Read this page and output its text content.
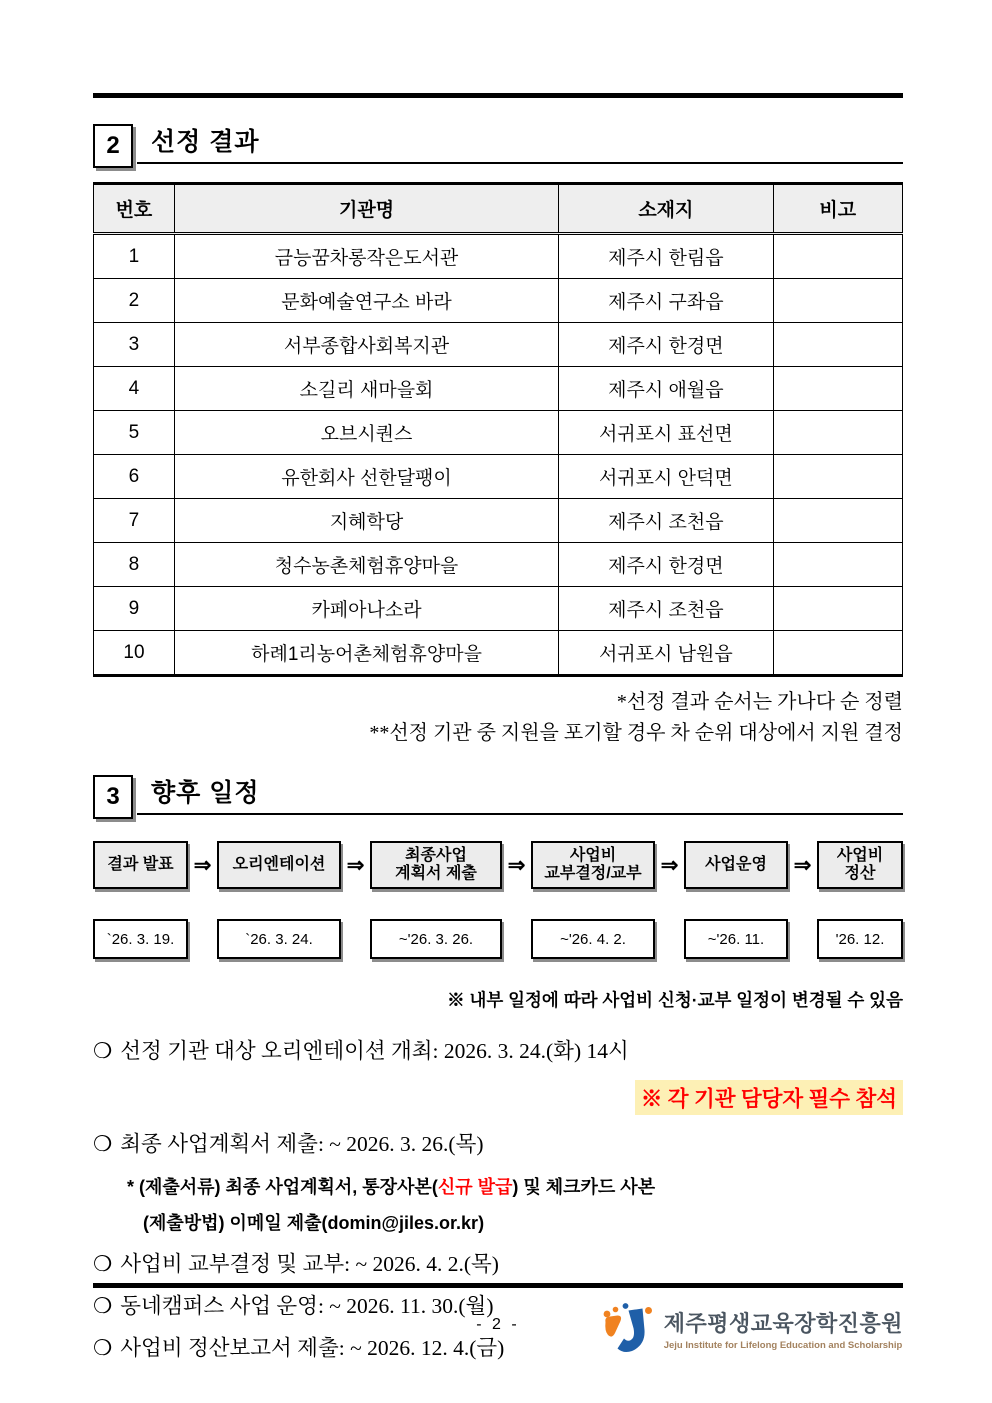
2	선정 결과
번호	기관명	소재지	비고
1	금능꿈차롱작은도서관	제주시 한림읍	
2	문화예술연구소 바라	제주시 구좌읍	
3	서부종합사회복지관	제주시 한경면	
4	소길리 새마을회	제주시 애월읍	
5	오브시퀀스	서귀포시 표선면	
6	유한회사 선한달팽이	서귀포시 안덕면	
7	지혜학당	제주시 조천읍	
8	청수농촌체험휴양마을	제주시 한경면	
9	카페아나소라	제주시 조천읍	
10	하례1리농어촌체험휴양마을	서귀포시 남원읍	

*선정 결과 순서는 가나다 순 정렬

**선정 기관 중 지원을 포기할 경우 차 순위 대상에서 지원 결정

3	향후 일정
결과 발표 ⇒	오리엔테이션 ⇒	최종사업
계획서 제출 ⇒	사업비
교부결정/교부 ⇒	사업운영 ⇒	사업비
정산
`26. 3. 19.	`26. 3. 24.	~'26. 3. 26.	~'26. 4. 2.	~'26. 11.	'26. 12.

※ 내부 일정에 따라 사업비 신청·교부 일정이 변경될 수 있음

❍ 선정 기관 대상 오리엔테이션 개최: 2026. 3. 24.(화) 14시

※ 각 기관 담당자 필수 참석

❍ 최종 사업계획서 제출: ~ 2026. 3. 26.(목)

* (제출서류) 최종 사업계획서, 통장사본(신규 발급) 및 체크카드 사본

(제출방법) 이메일 제출(domin@jiles.or.kr)

❍ 사업비 교부결정 및 교부: ~ 2026. 4. 2.(목)

❍ 동네캠퍼스 사업 운영: ~ 2026. 11. 30.(월)

❍ 사업비 정산보고서 제출: ~ 2026. 12. 4.(금)

- 2 -	제주평생교육장학진흥원
Jeju Institute for Lifelong Education and Scholarship
